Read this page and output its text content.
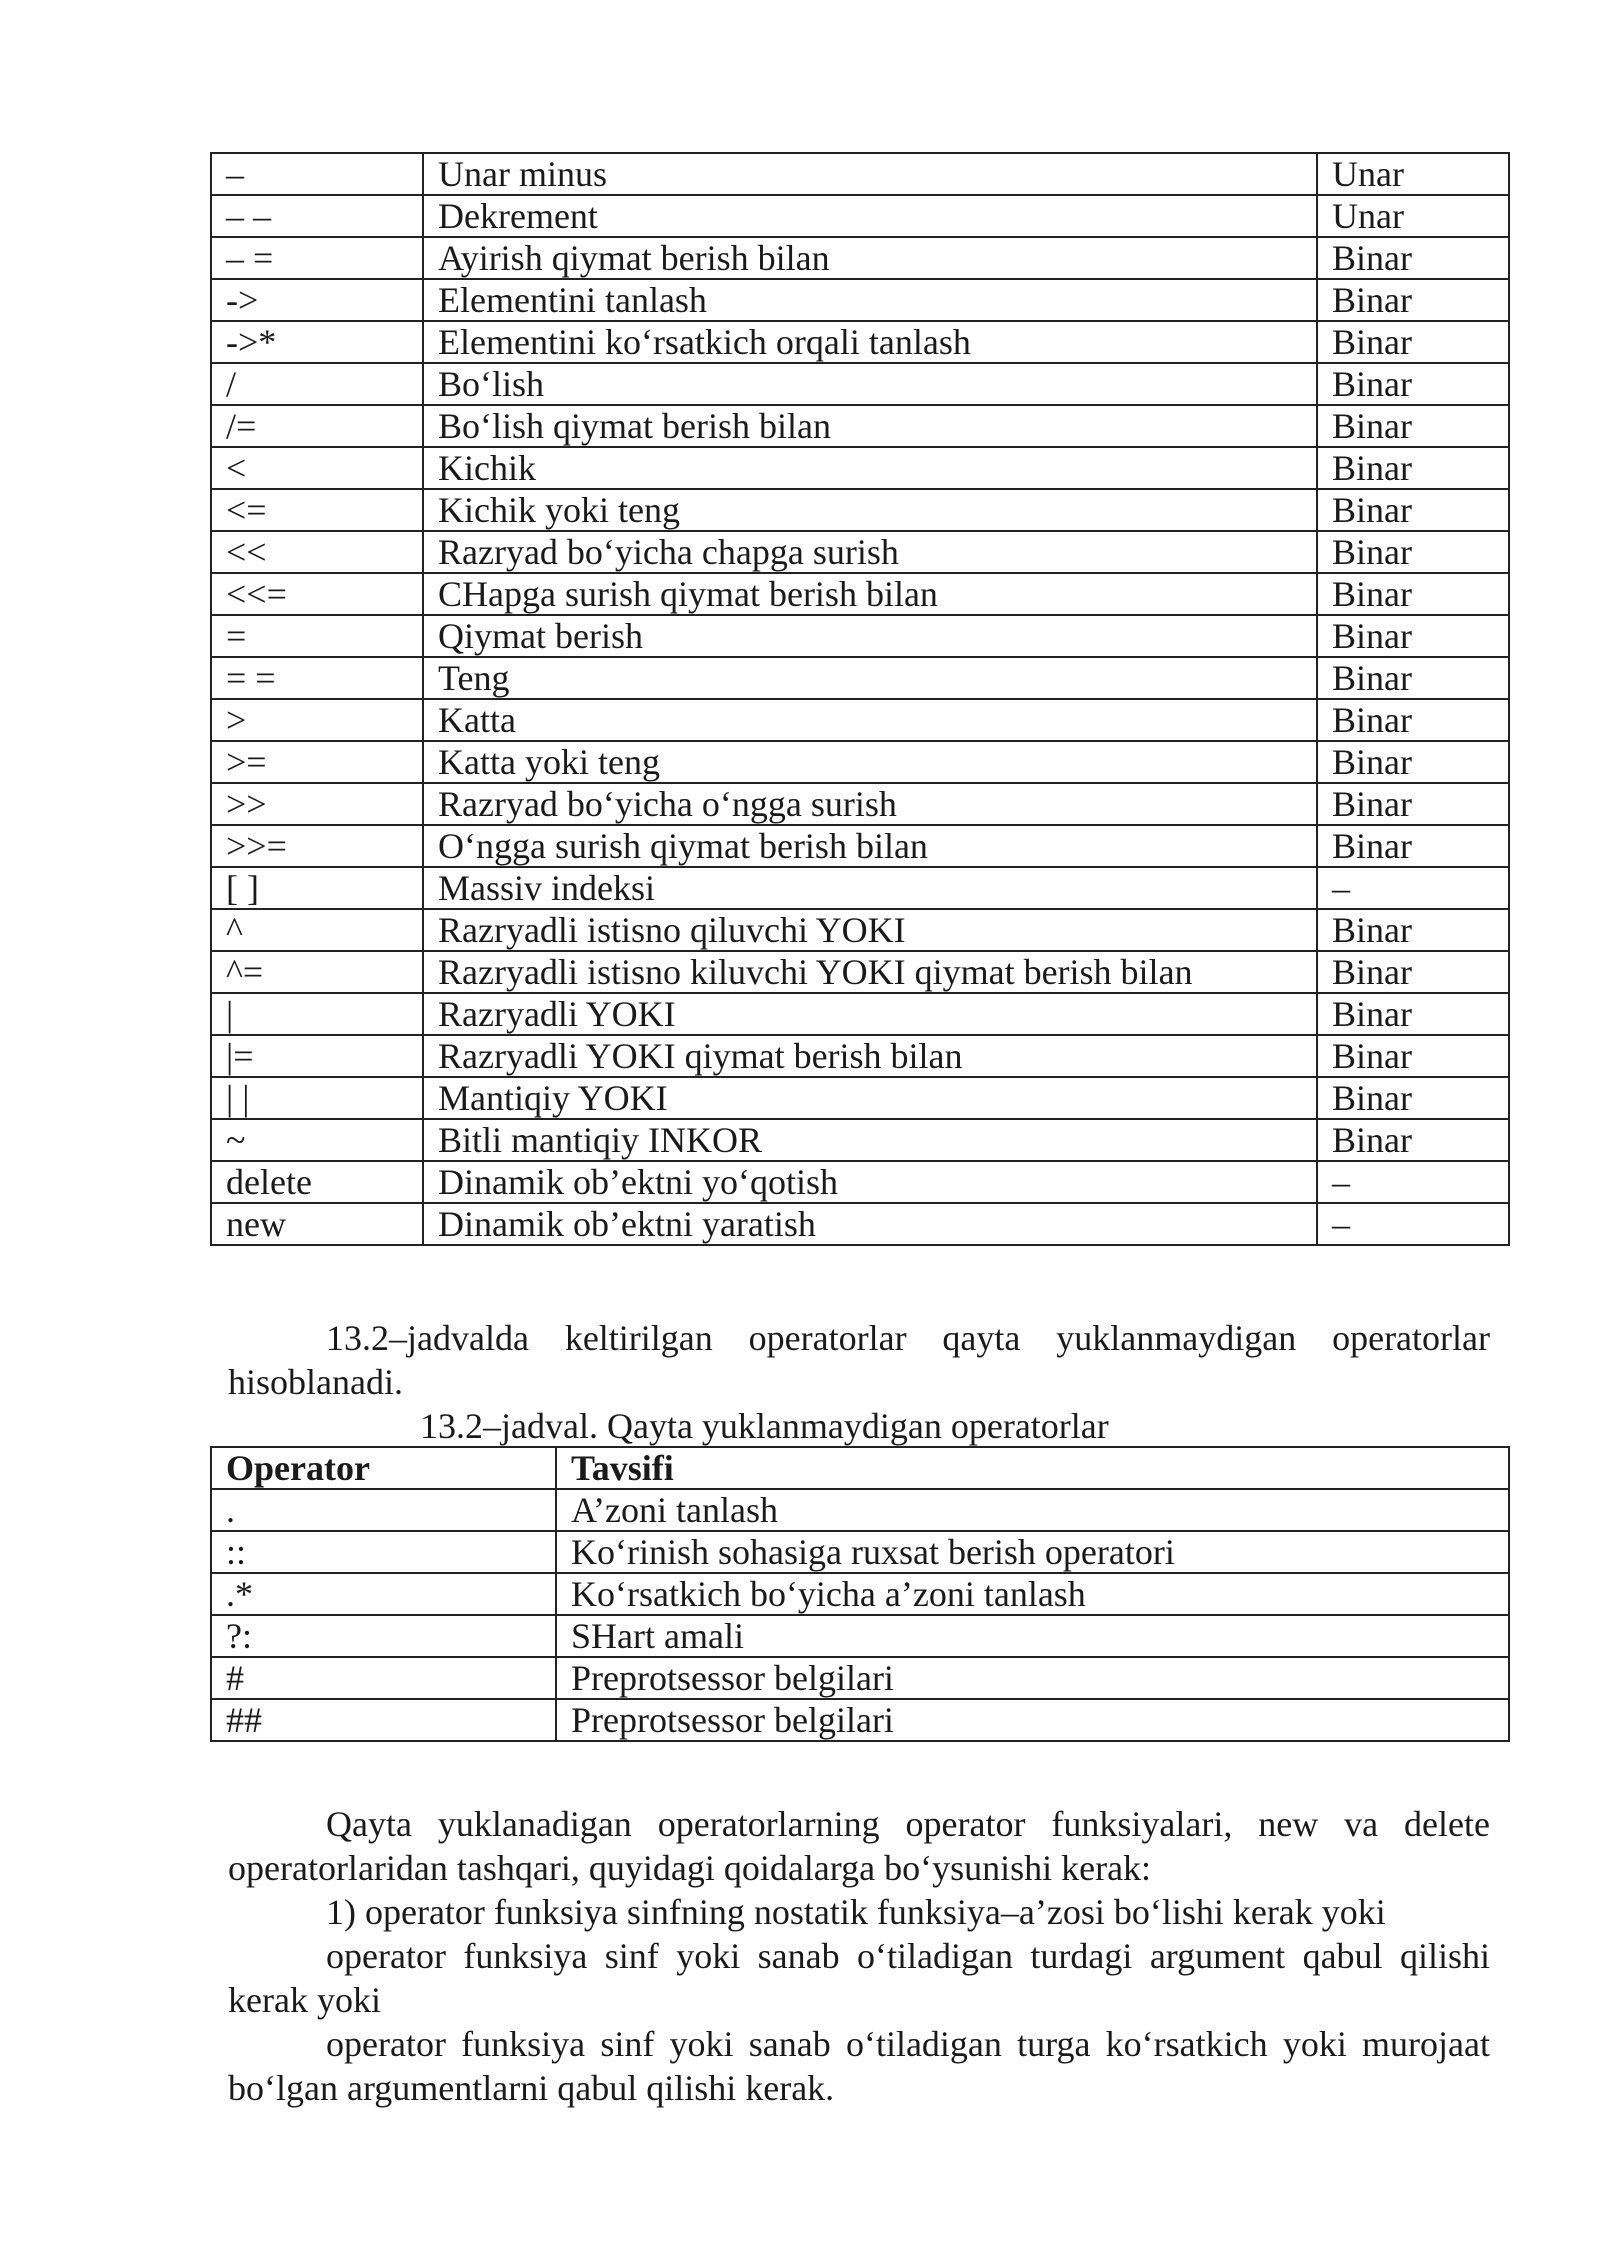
–	Unar minus	Unar
– –	Dekrement	Unar
– =	Ayirish qiymat berish bilan	Binar
->	Elementini tanlash	Binar
->*	Elementini ko‘rsatkich orqali tanlash	Binar
/	Bo‘lish	Binar
/=	Bo‘lish qiymat berish bilan	Binar
<	Kichik	Binar
<=	Kichik yoki teng	Binar
<<	Razryad bo‘yicha chapga surish	Binar
<<=	CHapga surish qiymat berish bilan	Binar
=	Qiymat berish	Binar
= =	Teng	Binar
>	Katta	Binar
>=	Katta yoki teng	Binar
>>	Razryad bo‘yicha o‘ngga surish	Binar
>>=	O‘ngga surish qiymat berish bilan	Binar
[ ]	Massiv indeksi	–
^	Razryadli istisno qiluvchi YOKI	Binar
^=	Razryadli istisno kiluvchi YOKI qiymat berish bilan	Binar
|	Razryadli YOKI	Binar
|=	Razryadli YOKI qiymat berish bilan	Binar
| |	Mantiqiy YOKI	Binar
~	Bitli mantiqiy INKOR	Binar
delete	Dinamik ob’ektni yo‘qotish	–
new	Dinamik ob’ektni yaratish	–

13.2–jadvalda keltirilgan operatorlar qayta yuklanmaydigan operatorlar hisoblanadi.

13.2–jadval. Qayta yuklanmaydigan operatorlar

Operator	Tavsifi
.	A’zoni tanlash
::	Ko‘rinish sohasiga ruxsat berish operatori
.*	Ko‘rsatkich bo‘yicha a’zoni tanlash
?:	SHart amali
#	Preprotsessor belgilari
##	Preprotsessor belgilari

Qayta yuklanadigan operatorlarning operator funksiyalari, new va delete operatorlaridan tashqari, quyidagi qoidalarga bo‘ysunishi kerak:

1) operator funksiya sinfning nostatik funksiya–a’zosi bo‘lishi kerak yoki

operator funksiya sinf yoki sanab o‘tiladigan turdagi argument qabul qilishi kerak yoki

operator funksiya sinf yoki sanab o‘tiladigan turga ko‘rsatkich yoki murojaat bo‘lgan argumentlarni qabul qilishi kerak.
